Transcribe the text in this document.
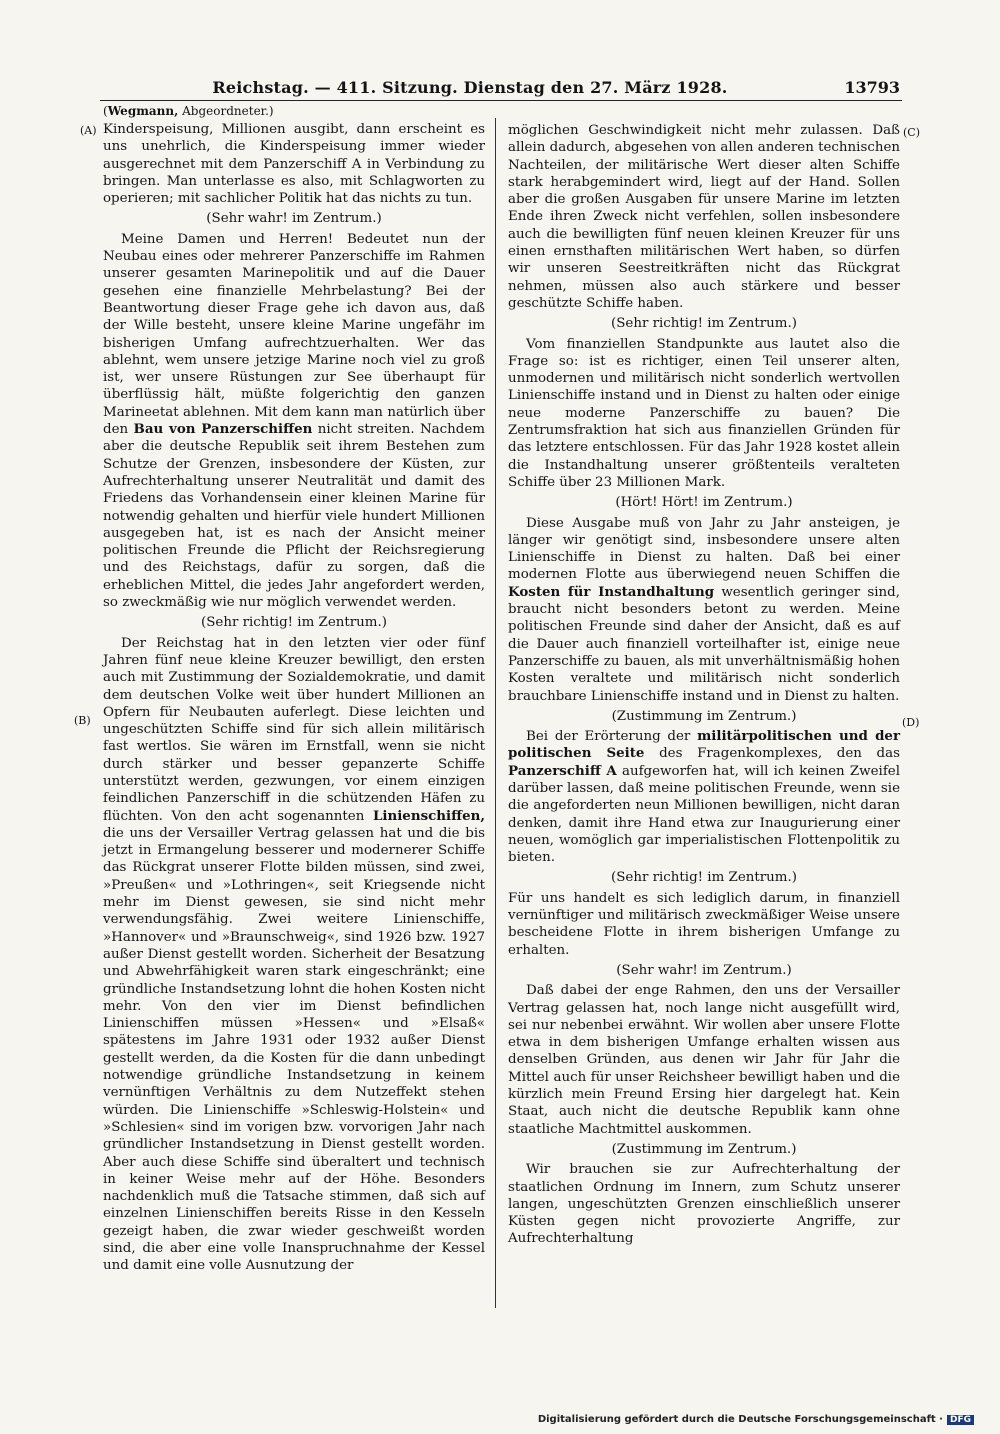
Reichstag. — 411. Sitzung. Dienstag den 27. März 1928.	13793
(Wegmann, Abgeordneter.)
(A)
(B)
(C)
(D)

Kinderspeisung, Millionen ausgibt, dann erscheint es uns unehrlich, die Kinderspeisung immer wieder ausgerechnet mit dem Panzerschiff A in Verbindung zu bringen. Man unterlasse es also, mit Schlagworten zu operieren; mit sachlicher Politik hat das nichts zu tun.

(Sehr wahr! im Zentrum.)

Meine Damen und Herren! Bedeutet nun der Neubau eines oder mehrerer Panzerschiffe im Rahmen unserer gesamten Marinepolitik und auf die Dauer gesehen eine finanzielle Mehrbelastung? Bei der Beantwortung dieser Frage gehe ich davon aus, daß der Wille besteht, unsere kleine Marine ungefähr im bisherigen Umfang aufrechtzuerhalten. Wer das ablehnt, wem unsere jetzige Marine noch viel zu groß ist, wer unsere Rüstungen zur See überhaupt für überflüssig hält, müßte folgerichtig den ganzen Marineetat ablehnen. Mit dem kann man natürlich über den Bau von Panzerschiffen nicht streiten. Nachdem aber die deutsche Republik seit ihrem Bestehen zum Schutze der Grenzen, insbesondere der Küsten, zur Aufrechterhaltung unserer Neutralität und damit des Friedens das Vorhandensein einer kleinen Marine für notwendig gehalten und hierfür viele hundert Millionen ausgegeben hat, ist es nach der Ansicht meiner politischen Freunde die Pflicht der Reichsregierung und des Reichstags, dafür zu sorgen, daß die erheblichen Mittel, die jedes Jahr angefordert werden, so zweckmäßig wie nur möglich verwendet werden.

(Sehr richtig! im Zentrum.)

Der Reichstag hat in den letzten vier oder fünf Jahren fünf neue kleine Kreuzer bewilligt, den ersten auch mit Zustimmung der Sozialdemokratie, und damit dem deutschen Volke weit über hundert Millionen an Opfern für Neubauten auferlegt. Diese leichten und ungeschützten Schiffe sind für sich allein militärisch fast wertlos. Sie wären im Ernstfall, wenn sie nicht durch stärker und besser gepanzerte Schiffe unterstützt werden, gezwungen, vor einem einzigen feindlichen Panzerschiff in die schützenden Häfen zu flüchten. Von den acht sogenannten Linienschiffen, die uns der Versailler Vertrag gelassen hat und die bis jetzt in Ermangelung besserer und modernerer Schiffe das Rückgrat unserer Flotte bilden müssen, sind zwei, »Preußen« und »Lothringen«, seit Kriegsende nicht mehr im Dienst gewesen, sie sind nicht mehr verwendungsfähig. Zwei weitere Linienschiffe, »Hannover« und »Braunschweig«, sind 1926 bzw. 1927 außer Dienst gestellt worden. Sicherheit der Besatzung und Abwehrfähigkeit waren stark eingeschränkt; eine gründliche Instandsetzung lohnt die hohen Kosten nicht mehr. Von den vier im Dienst befindlichen Linienschiffen müssen »Hessen« und »Elsaß« spätestens im Jahre 1931 oder 1932 außer Dienst gestellt werden, da die Kosten für die dann unbedingt notwendige gründliche Instandsetzung in keinem vernünftigen Verhältnis zu dem Nutzeffekt stehen würden. Die Linienschiffe »Schleswig-Holstein« und »Schlesien« sind im vorigen bzw. vorvorigen Jahr nach gründlicher Instandsetzung in Dienst gestellt worden. Aber auch diese Schiffe sind überaltert und technisch in keiner Weise mehr auf der Höhe. Besonders nachdenklich muß die Tatsache stimmen, daß sich auf einzelnen Linienschiffen bereits Risse in den Kesseln gezeigt haben, die zwar wieder geschweißt worden sind, die aber eine volle Inanspruchnahme der Kessel und damit eine volle Ausnutzung der

möglichen Geschwindigkeit nicht mehr zulassen. Daß allein dadurch, abgesehen von allen anderen technischen Nachteilen, der militärische Wert dieser alten Schiffe stark herabgemindert wird, liegt auf der Hand. Sollen aber die großen Ausgaben für unsere Marine im letzten Ende ihren Zweck nicht verfehlen, sollen insbesondere auch die bewilligten fünf neuen kleinen Kreuzer für uns einen ernsthaften militärischen Wert haben, so dürfen wir unseren Seestreitkräften nicht das Rückgrat nehmen, müssen also auch stärkere und besser geschützte Schiffe haben.

(Sehr richtig! im Zentrum.)

Vom finanziellen Standpunkte aus lautet also die Frage so: ist es richtiger, einen Teil unserer alten, unmodernen und militärisch nicht sonderlich wertvollen Linienschiffe instand und in Dienst zu halten oder einige neue moderne Panzerschiffe zu bauen? Die Zentrumsfraktion hat sich aus finanziellen Gründen für das letztere entschlossen. Für das Jahr 1928 kostet allein die Instandhaltung unserer größtenteils veralteten Schiffe über 23 Millionen Mark.

(Hört! Hört! im Zentrum.)

Diese Ausgabe muß von Jahr zu Jahr ansteigen, je länger wir genötigt sind, insbesondere unsere alten Linienschiffe in Dienst zu halten. Daß bei einer modernen Flotte aus überwiegend neuen Schiffen die Kosten für Instandhaltung wesentlich geringer sind, braucht nicht besonders betont zu werden. Meine politischen Freunde sind daher der Ansicht, daß es auf die Dauer auch finanziell vorteilhafter ist, einige neue Panzerschiffe zu bauen, als mit unverhältnismäßig hohen Kosten veraltete und militärisch nicht sonderlich brauchbare Linienschiffe instand und in Dienst zu halten.

(Zustimmung im Zentrum.)

Bei der Erörterung der militärpolitischen und der politischen Seite des Fragenkomplexes, den das Panzerschiff A aufgeworfen hat, will ich keinen Zweifel darüber lassen, daß meine politischen Freunde, wenn sie die angeforderten neun Millionen bewilligen, nicht daran denken, damit ihre Hand etwa zur Inaugurierung einer neuen, womöglich gar imperialistischen Flottenpolitik zu bieten.

(Sehr richtig! im Zentrum.)

Für uns handelt es sich lediglich darum, in finanziell vernünftiger und militärisch zweckmäßiger Weise unsere bescheidene Flotte in ihrem bisherigen Umfange zu erhalten.

(Sehr wahr! im Zentrum.)

Daß dabei der enge Rahmen, den uns der Versailler Vertrag gelassen hat, noch lange nicht ausgefüllt wird, sei nur nebenbei erwähnt. Wir wollen aber unsere Flotte etwa in dem bisherigen Umfange erhalten wissen aus denselben Gründen, aus denen wir Jahr für Jahr die Mittel auch für unser Reichsheer bewilligt haben und die kürzlich mein Freund Ersing hier dargelegt hat. Kein Staat, auch nicht die deutsche Republik kann ohne staatliche Machtmittel auskommen.

(Zustimmung im Zentrum.)

Wir brauchen sie zur Aufrechterhaltung der staatlichen Ordnung im Innern, zum Schutz unserer langen, ungeschützten Grenzen einschließlich unserer Küsten gegen nicht provozierte Angriffe, zur Aufrechterhaltung

Digitalisierung gefördert durch die Deutsche Forschungsgemeinschaft · DFG
